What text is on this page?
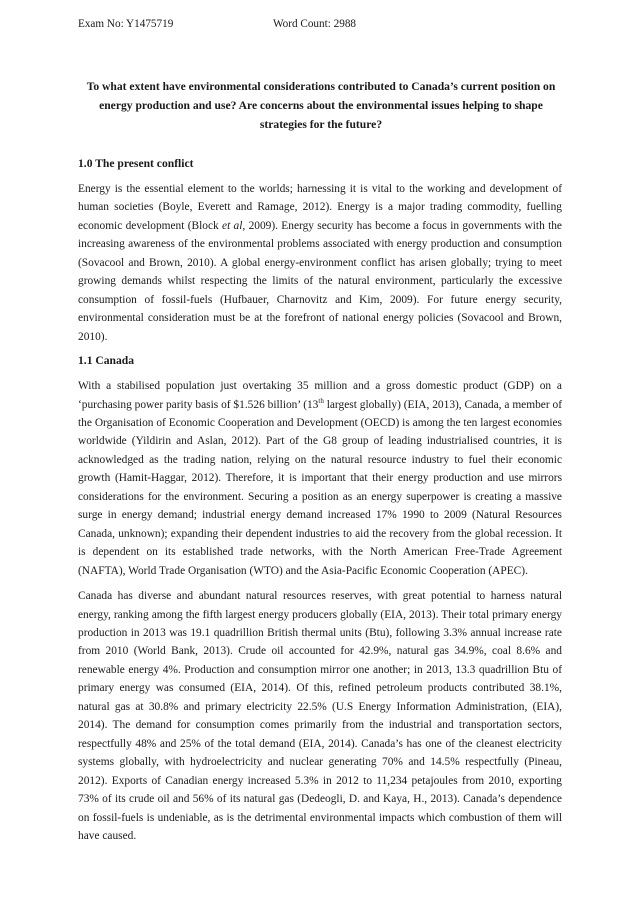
Exam No: Y1475719	Word Count: 2988
To what extent have environmental considerations contributed to Canada’s current position on energy production and use? Are concerns about the environmental issues helping to shape strategies for the future?
1.0 The present conflict

Energy is the essential element to the worlds; harnessing it is vital to the working and development of human societies (Boyle, Everett and Ramage, 2012). Energy is a major trading commodity, fuelling economic development (Block et al, 2009). Energy security has become a focus in governments with the increasing awareness of the environmental problems associated with energy production and consumption (Sovacool and Brown, 2010). A global energy-environment conflict has arisen globally; trying to meet growing demands whilst respecting the limits of the natural environment, particularly the excessive consumption of fossil-fuels (Hufbauer, Charnovitz and Kim, 2009). For future energy security, environmental consideration must be at the forefront of national energy policies (Sovacool and Brown, 2010).

1.1 Canada

With a stabilised population just overtaking 35 million and a gross domestic product (GDP) on a ‘purchasing power parity basis of $1.526 billion’ (13th largest globally) (EIA, 2013), Canada, a member of the Organisation of Economic Cooperation and Development (OECD) is among the ten largest economies worldwide (Yildirin and Aslan, 2012). Part of the G8 group of leading industrialised countries, it is acknowledged as the trading nation, relying on the natural resource industry to fuel their economic growth (Hamit-Haggar, 2012). Therefore, it is important that their energy production and use mirrors considerations for the environment. Securing a position as an energy superpower is creating a massive surge in energy demand; industrial energy demand increased 17% 1990 to 2009 (Natural Resources Canada, unknown); expanding their dependent industries to aid the recovery from the global recession. It is dependent on its established trade networks, with the North American Free-Trade Agreement (NAFTA), World Trade Organisation (WTO) and the Asia-Pacific Economic Cooperation (APEC).

Canada has diverse and abundant natural resources reserves, with great potential to harness natural energy, ranking among the fifth largest energy producers globally (EIA, 2013). Their total primary energy production in 2013 was 19.1 quadrillion British thermal units (Btu), following 3.3% annual increase rate from 2010 (World Bank, 2013). Crude oil accounted for 42.9%, natural gas 34.9%, coal 8.6% and renewable energy 4%. Production and consumption mirror one another; in 2013, 13.3 quadrillion Btu of primary energy was consumed (EIA, 2014). Of this, refined petroleum products contributed 38.1%, natural gas at 30.8% and primary electricity 22.5% (U.S Energy Information Administration, (EIA), 2014). The demand for consumption comes primarily from the industrial and transportation sectors, respectfully 48% and 25% of the total demand (EIA, 2014). Canada’s has one of the cleanest electricity systems globally, with hydroelectricity and nuclear generating 70% and 14.5% respectfully (Pineau, 2012). Exports of Canadian energy increased 5.3% in 2012 to 11,234 petajoules from 2010, exporting 73% of its crude oil and 56% of its natural gas (Dedeogli, D. and Kaya, H., 2013). Canada’s dependence on fossil-fuels is undeniable, as is the detrimental environmental impacts which combustion of them will have caused.
